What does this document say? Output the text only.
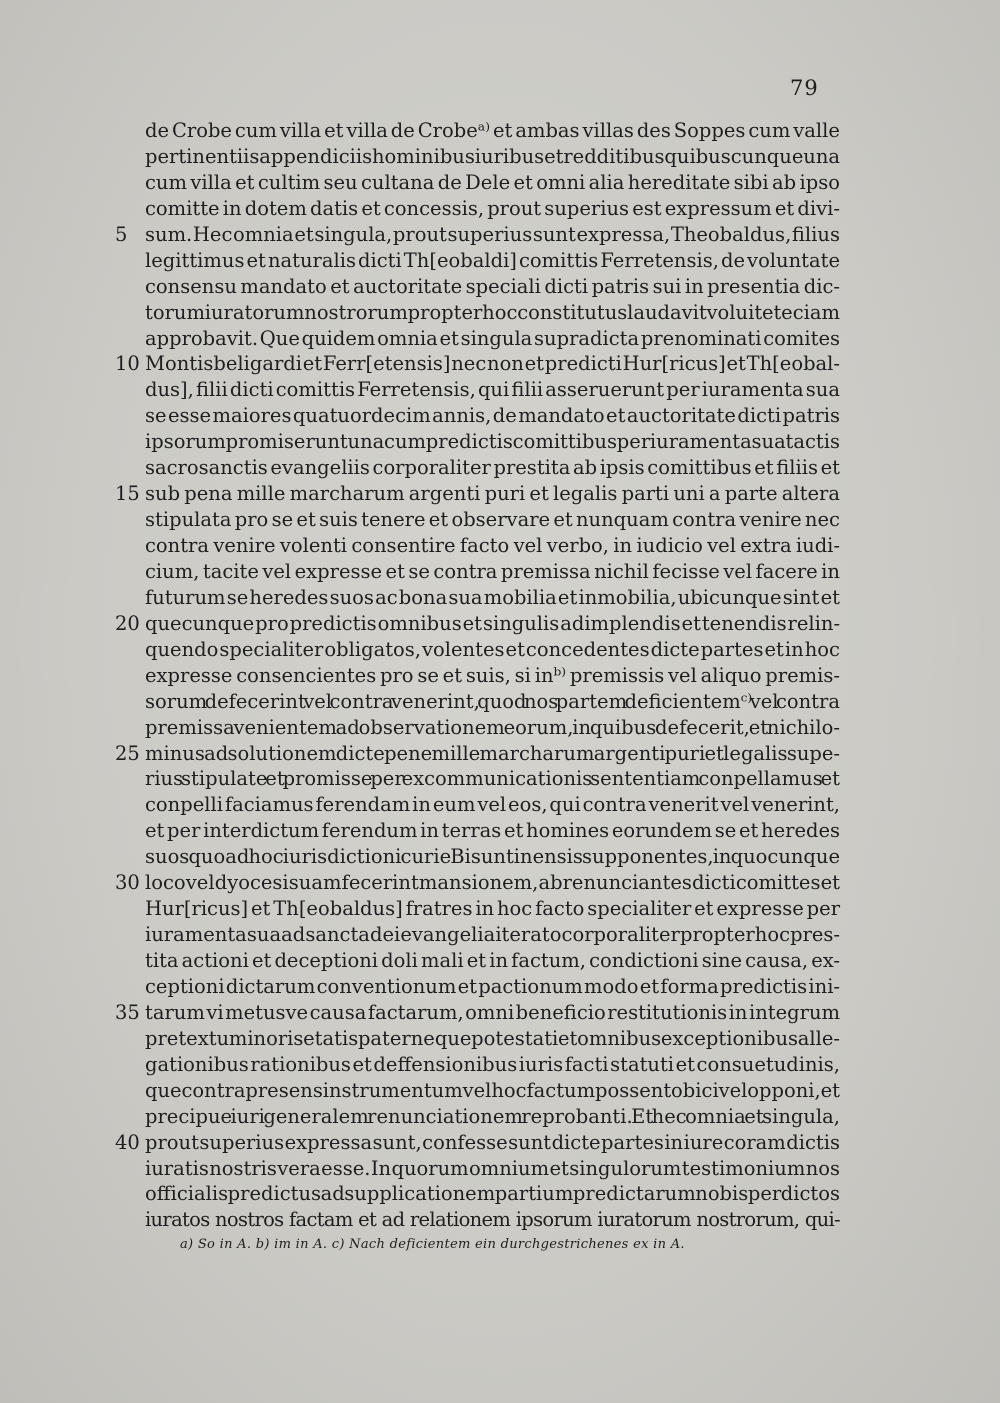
79
de Crobe cum villa et villa de Crobeᵃ⁾ et ambas villas des Soppes cum valle
pertinentiis appendiciis hominibus iuribus et redditibus quibuscunque una
cum villa et cultim seu cultana de Dele et omni alia hereditate sibi ab ipso
comitte in dotem datis et concessis, prout superius est expressum et divi-
5 sum. Hec omnia et singula, prout superius sunt expressa, Theobaldus, filius
legittimus et naturalis dicti Th[eobaldi] comittis Ferretensis, de voluntate
consensu mandato et auctoritate speciali dicti patris sui in presentia dic-
torum iuratorum nostrorum propter hoc constitutus laudavit voluit et eciam
approbavit. Que quidem omnia et singula supradicta prenominati comites
10 Montisbeligardi et Ferr[etensis] nec non et predicti Hur[ricus] et Th[eobal-
dus], filii dicti comittis Ferretensis, qui filii asseruerunt per iuramenta sua
se esse maiores quatuordecim annis, de mandato et auctoritate dicti patris
ipsorum promiserunt una cum predictis comittibus per iuramenta sua tactis
sacrosanctis evangeliis corporaliter prestita ab ipsis comittibus et filiis et
15 sub pena mille marcharum argenti puri et legalis parti uni a parte altera
stipulata pro se et suis tenere et observare et nunquam contra venire nec
contra venire volenti consentire facto vel verbo, in iudicio vel extra iudi-
cium, tacite vel expresse et se contra premissa nichil fecisse vel facere in
futurum se heredes suos ac bona sua mobilia et inmobilia, ubicunque sint et
20 quecunque pro predictis omnibus et singulis adimplendis et tenendis relin-
quendo specialiter obligatos, volentes et concedentes dicte partes et in hoc
expresse consencientes pro se et suis, si inᵇ⁾ premissis vel aliquo premis-
sorum defecerint vel contra venerint, quod nos partem deficientemᶜ⁾ vel contra
premissa venientem ad observationem eorum, in quibus defecerit, et nichilo-
25 minus ad solutionem dicte pene mille marcharum argenti puri et legalis supe-
rius stipulate et promisse per excommunicationis sententiam conpellamus et
conpelli faciamus ferendam in eum vel eos, qui contra venerit vel venerint,
et per interdictum ferendum in terras et homines eorundem se et heredes
suos quoad hoc iurisdictioni curie Bisuntinensis supponentes, in quocunque
30 loco vel dyocesi suam fecerint mansionem, abrenunciantes dicti comittes et
Hur[ricus] et Th[eobaldus] fratres in hoc facto specialiter et expresse per
iuramenta sua ad sancta dei evangelia iterato corporaliter propter hoc pres-
tita actioni et deceptioni doli mali et in factum, condictioni sine causa, ex-
ceptioni dictarum conventionum et pactionum modo et forma predictis ini-
35 tarum vi metusve causa factarum, omni beneficio restitutionis in integrum
pretextu minoris etatis paterneque potestati et omnibus exceptionibus alle-
gationibus rationibus et deffensionibus iuris facti statuti et consuetudinis,
que contra presens instrumentum vel hoc factum possent obici vel opponi, et
precipue iuri generalem renunciationem reprobanti. Et hec omnia et singula,
40 prout superius expressa sunt, confesse sunt dicte partes in iure coram dictis
iuratis nostris vera esse. In quorum omnium et singulorum testimonium nos
officialis predictus ad supplicationem partium predictarum nobis per dictos
iuratos nostros factam et ad relationem ipsorum iuratorum nostrorum, qui-
a) So in A. b) im in A. c) Nach deficientem ein durchgestrichenes ex in A.
